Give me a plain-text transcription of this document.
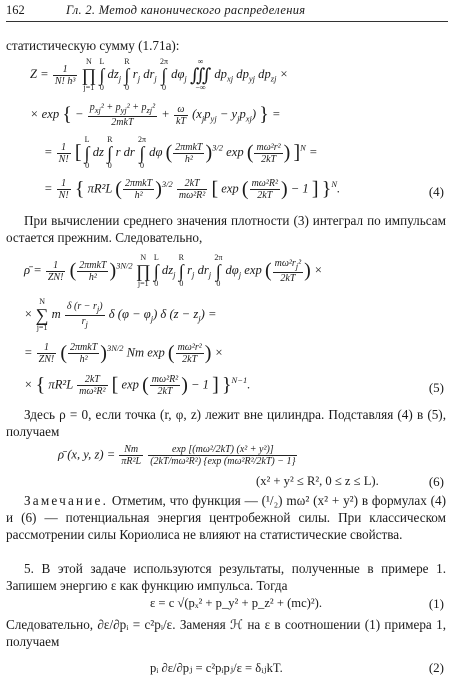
162	Гл. 2. Метод канонического распределения
статистическую сумму (1.71а):
$Z = \frac{1}{\text{N! h³}}$
N
∏
j=1 L
∫
0 $dz_j$ R
∫
0 $r_j$ $dr_j$ 2π
∫
0 $d\varphi_j$ ∞
∭
−∞ $dp_{xj}$ $dp_{yj}$ $dp_{zj}$ ×
× exp { − $\frac{p_{xj}^2 + p_{yj}^2 + p_{zj}^2}{\text{2mkT}} + \frac{\omega}{kT} (x_jp_{yj} - y_jp_{xj})$ } =
= $\frac{1}{N!}$ [ L
∫
0 dz R
∫
0 r dr 2π
∫
0 dφ ( $\frac{\text{2πmkT}}{\text{h²}} )^{3/2}$ exp ( $\frac{\text{mω²r²}}{2kT}$ ) ]$^N$ =
= $\frac{1}{N!}$ { πR²L ( $\frac{\text{2πmkT}}{\text{h²}} )^{3/2} \frac{2kT}{\text{mω²R²}}$ [ exp ( $\frac{\text{mω²R²}}{2kT}$ ) − 1 ] }$^N$.	(4)
При вычислении среднего значения плотности (3) интеграл по импульсам остается прежним. Следовательно,
ρ̄ = $\frac{1}{ZN!}$ ( $\frac{\text{2πmkT}}{\text{h²}} )^{3N/2}$ N
∏
j=1 L
∫
0 $dz_j$ R
∫
0 $r_j$ $dr_j$ 2π
∫
0 $d\varphi_j$ exp ( $\frac{m\omega^2r_j^2}{2kT}$ ) ×
× N
∑
j=1 m $\frac{\delta (r - r_j)}{r_j}$ δ $(\varphi - \varphi_j)$ δ $(z - z_j)$ =
= $\frac{1}{ZN!}$ ( $\frac{\text{2πmkT}}{\text{h²}} )^{3N/2}$ Nm exp ( $\frac{\text{mω²r²}}{2kT}$ ) ×
× { $\pi R^2L \frac{2kT}{\text{mω²R²}}$ [ exp ( $\frac{\text{mω²R²}}{2kT}$ ) − 1 ] }$^{N-1}$.	(5)
Здесь ρ = 0, если точка (r, φ, z) лежит вне цилиндра. Подставляя (4) в (5), получаем
ρ̄ (x, y, $z) = \frac{Nm}{\text{πR²L}}$
$\frac{\text{exp [(mω²/2kT) (x² + y²)]}}{\text{(2kT/mω²R²) \{exp (mω²R²/2kT) − 1\}}}$
(x² + y² ≤ R², 0 ≤ z ≤ L).	(6)
Замечание. Отметим, что функция — (¹/₂) mω² (x² + y²) в формулах (4) и (6) — потенциальная энергия центробежной силы. При классическом рассмотрении силы Кориолиса не влияют на статистические свойства.
5. В этой задаче используются результаты, полученные в примере 1. Запишем энергию ε как функцию импульса. Тогда
ε = c √(pₓ² + p_y² + p_z² + (mc)²).	(1)
Следовательно, ∂ε/∂pᵢ = c²pᵢ/ε. Заменяя ℋ на ε в соотношении (1) примера 1, получаем
pᵢ ∂ε/∂pⱼ = c²pᵢpⱼ/ε = δᵢⱼkT.	(2)
